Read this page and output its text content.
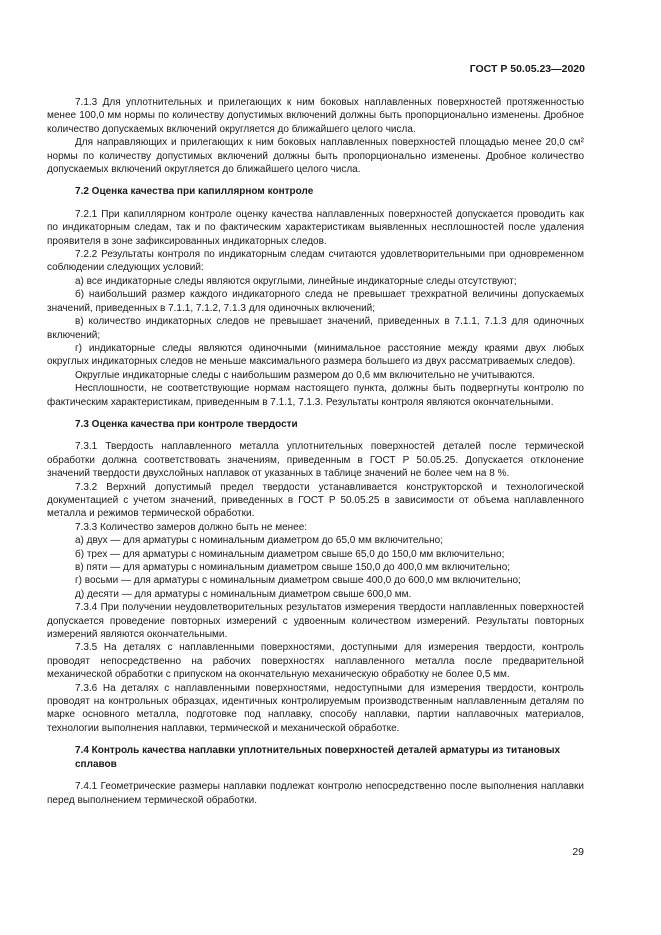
ГОСТ Р 50.05.23—2020

7.1.3 Для уплотнительных и прилегающих к ним боковых наплавленных поверхностей протяженностью менее 100,0 мм нормы по количеству допустимых включений должны быть пропорционально изменены. Дробное количество допускаемых включений округляется до ближайшего целого числа.

Для направляющих и прилегающих к ним боковых наплавленных поверхностей площадью менее 20,0 см² нормы по количеству допустимых включений должны быть пропорционально изменены. Дробное количество допускаемых включений округляется до ближайшего целого числа.

7.2 Оценка качества при капиллярном контроле

7.2.1 При капиллярном контроле оценку качества наплавленных поверхностей допускается проводить как по индикаторным следам, так и по фактическим характеристикам выявленных несплошностей после удаления проявителя в зоне зафиксированных индикаторных следов.

7.2.2 Результаты контроля по индикаторным следам считаются удовлетворительными при одновременном соблюдении следующих условий:

а) все индикаторные следы являются округлыми, линейные индикаторные следы отсутствуют;

б) наибольший размер каждого индикаторного следа не превышает трехкратной величины допускаемых значений, приведенных в 7.1.1, 7.1.2, 7.1.3 для одиночных включений;

в) количество индикаторных следов не превышает значений, приведенных в 7.1.1, 7.1.3 для одиночных включений;

г) индикаторные следы являются одиночными (минимальное расстояние между краями двух любых округлых индикаторных следов не меньше максимального размера большего из двух рассматриваемых следов).

Округлые индикаторные следы с наибольшим размером до 0,6 мм включительно не учитываются.

Несплошности, не соответствующие нормам настоящего пункта, должны быть подвергнуты контролю по фактическим характеристикам, приведенным в 7.1.1, 7.1.3. Результаты контроля являются окончательными.

7.3 Оценка качества при контроле твердости

7.3.1 Твердость наплавленного металла уплотнительных поверхностей деталей после термической обработки должна соответствовать значениям, приведенным в ГОСТ Р 50.05.25. Допускается отклонение значений твердости двухслойных наплавок от указанных в таблице значений не более чем на 8 %.

7.3.2 Верхний допустимый предел твердости устанавливается конструкторской и технологической документацией с учетом значений, приведенных в ГОСТ Р 50.05.25 в зависимости от объема наплавленного металла и режимов термической обработки.

7.3.3 Количество замеров должно быть не менее:

а) двух — для арматуры с номинальным диаметром до 65,0 мм включительно;

б) трех — для арматуры с номинальным диаметром свыше 65,0 до 150,0 мм включительно;

в) пяти — для арматуры с номинальным диаметром свыше 150,0 до 400,0 мм включительно;

г) восьми — для арматуры с номинальным диаметром свыше 400,0 до 600,0 мм включительно;

д) десяти — для арматуры с номинальным диаметром свыше 600,0 мм.

7.3.4 При получении неудовлетворительных результатов измерения твердости наплавленных поверхностей допускается проведение повторных измерений с удвоенным количеством измерений. Результаты повторных измерений являются окончательными.

7.3.5 На деталях с наплавленными поверхностями, доступными для измерения твердости, контроль проводят непосредственно на рабочих поверхностях наплавленного металла после предварительной механической обработки с припуском на окончательную механическую обработку не более 0,5 мм.

7.3.6 На деталях с наплавленными поверхностями, недоступными для измерения твердости, контроль проводят на контрольных образцах, идентичных контролируемым производственным наплавленным деталям по марке основного металла, подготовке под наплавку, способу наплавки, партии наплавочных материалов, технологии выполнения наплавки, термической и механической обработке.

7.4 Контроль качества наплавки уплотнительных поверхностей деталей арматуры из титановых сплавов

7.4.1 Геометрические размеры наплавки подлежат контролю непосредственно после выполнения наплавки перед выполнением термической обработки.

29
